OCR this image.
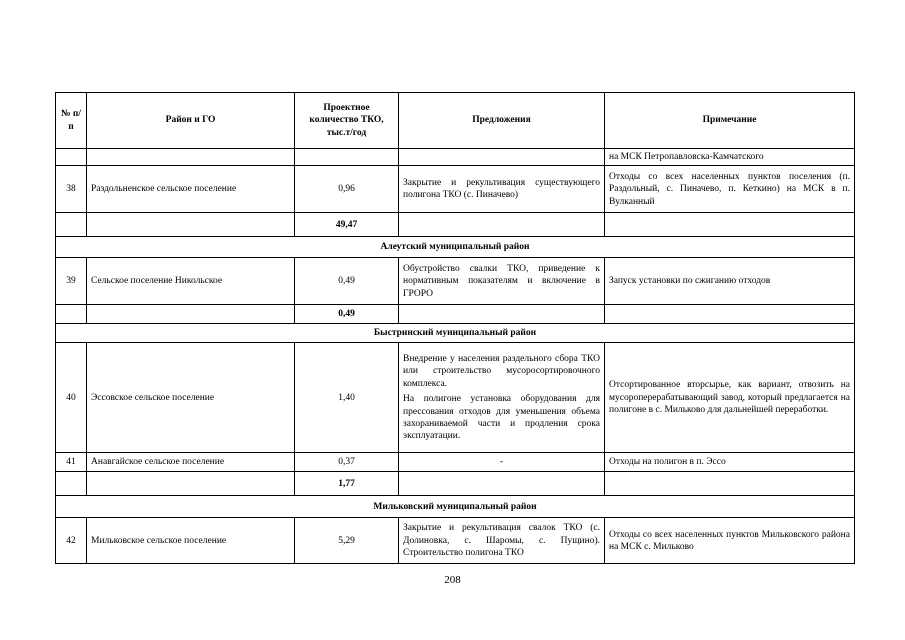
№ п/п	Район и ГО	Проектное количество ТКО, тыс.т/год	Предложения	Примечание
				на МСК Петропавловска-Камчатского
38	Раздольненское сельское поселение	0,96	Закрытие и рекультивация существующего полигона ТКО (с. Пиначево)	Отходы со всех населенных пунктов поселения (п. Раздольный, с. Пиначево, п. Кеткино) на МСК в п. Вулканный
		49,47		
Алеутский муниципальный район				
39	Сельское поселение Никольское	0,49	Обустройство свалки ТКО, приведение к нормативным показателям и включение в ГРОРО	Запуск установки по сжиганию отходов
		0,49		
Быстринский муниципальный район				
40	Эссовское сельское поселение	1,40	Внедрение у населения раздельного сбора ТКО или строительство мусоросортировочного комплекса.

На полигоне установка оборудования для прессования отходов для уменьшения объема захораниваемой части и продления срока эксплуатации.	Отсортированное вторсырье, как вариант, отвозить на мусороперерабатывающий завод, который предлагается на полигоне в с. Мильково для дальнейшей переработки.
41	Анавгайское сельское поселение	0,37	-	Отходы на полигон в п. Эссо
		1,77		
Мильковский муниципальный район				
42	Мильковское сельское поселение	5,29	Закрытие и рекультивация свалок ТКО (с. Долиновка, с. Шаромы, с. Пущино). Строительство полигона ТКО	Отходы со всех населенных пунктов Мильковского района на МСК с. Мильково
208
